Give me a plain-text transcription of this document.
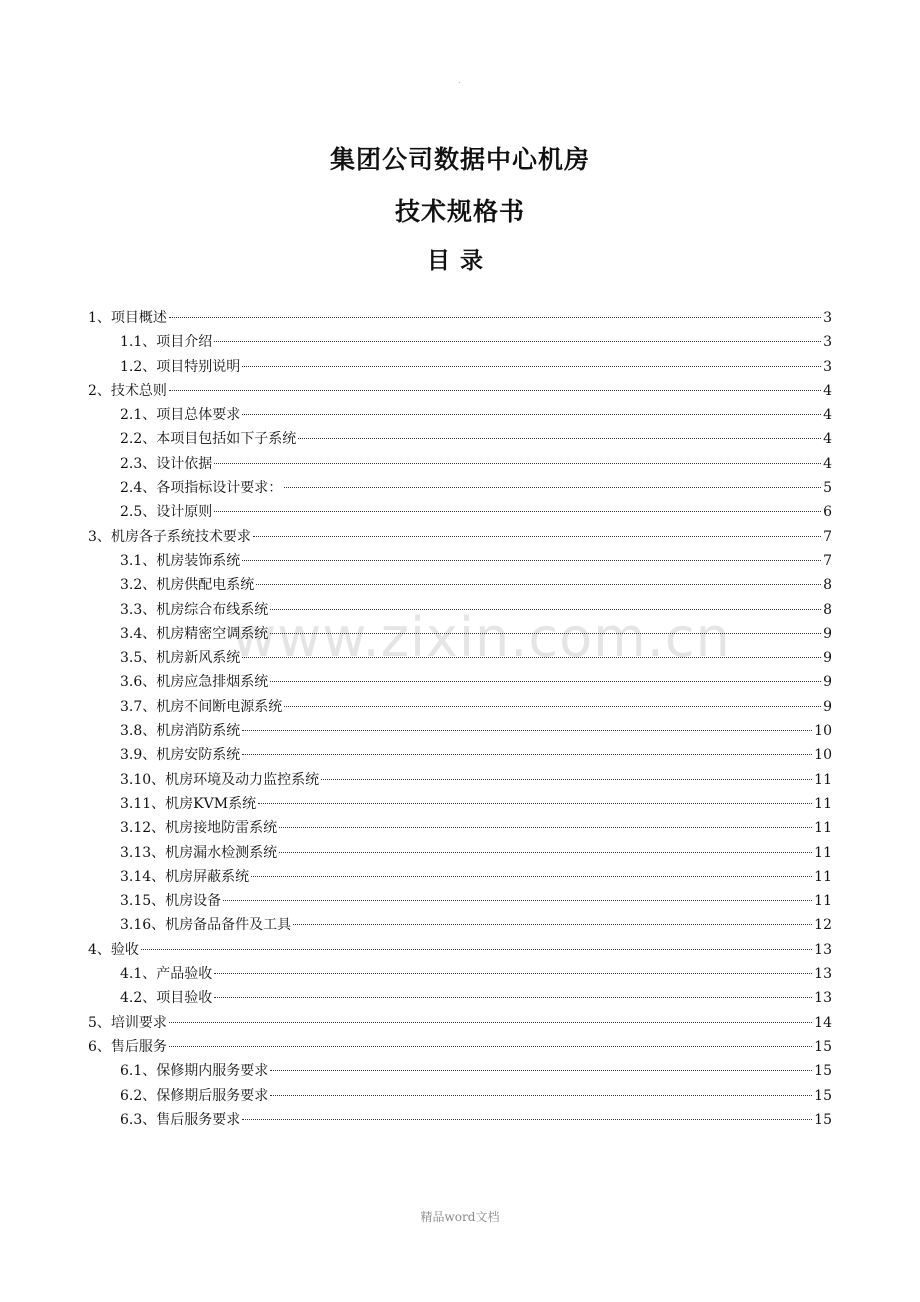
.
集团公司数据中心机房
技术规格书
目录
www.zixin.com.cn
1、项目概述	3
1.1、项目介绍	3
1.2、项目特别说明	3
2、技术总则	4
2.1、项目总体要求	4
2.2、本项目包括如下子系统	4
2.3、设计依据	4
2.4、各项指标设计要求：	5
2.5、设计原则	6
3、机房各子系统技术要求	7
3.1、机房装饰系统	7
3.2、机房供配电系统	8
3.3、机房综合布线系统	8
3.4、机房精密空调系统	9
3.5、机房新风系统	9
3.6、机房应急排烟系统	9
3.7、机房不间断电源系统	9
3.8、机房消防系统	10
3.9、机房安防系统	10
3.10、机房环境及动力监控系统	11
3.11、机房KVM系统	11
3.12、机房接地防雷系统	11
3.13、机房漏水检测系统	11
3.14、机房屏蔽系统	11
3.15、机房设备	11
3.16、机房备品备件及工具	12
4、验收	13
4.1、产品验收	13
4.2、项目验收	13
5、培训要求	14
6、售后服务	15
6.1、保修期内服务要求	15
6.2、保修期后服务要求	15
6.3、售后服务要求	15
精品word文档
